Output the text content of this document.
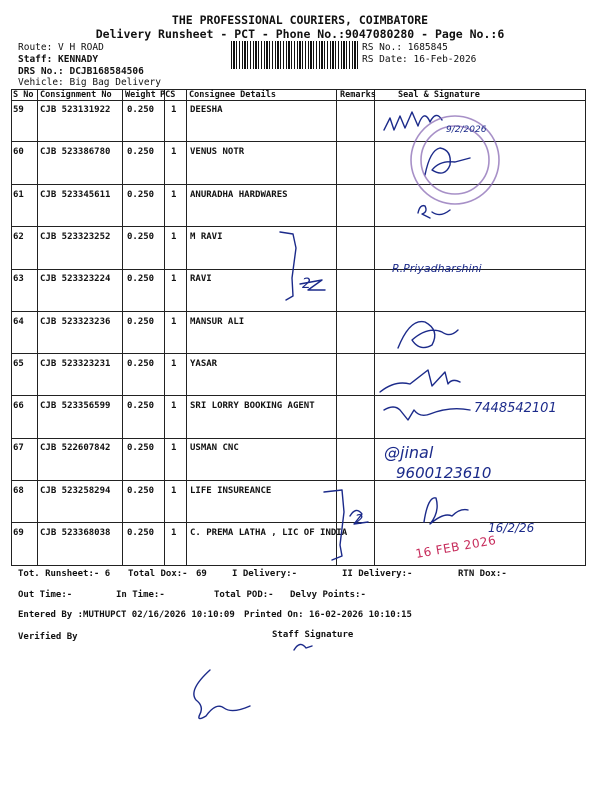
THE PROFESSIONAL COURIERS, COIMBATORE
Delivery Runsheet - PCT - Phone No.:9047080280 - Page No.:6
Route: V H ROAD
Staff: KENNADY
DRS No.: DCJB168584506
Vehicle: Big Bag Delivery
RS No.: 1685845
RS Date: 16-Feb-2026
S No Consignment No Weight PCS Consignee Details	Remarks	Seal & Signature
59 CJB 523131922 0.250 1 DEESHA
60 CJB 523386780 0.250 1 VENUS NOTR
61 CJB 523345611 0.250 1 ANURADHA HARDWARES
62 CJB 523323252 0.250 1 M RAVI
63 CJB 523323224 0.250 1 RAVI
64 CJB 523323236 0.250 1 MANSUR ALI
65 CJB 523323231 0.250 1 YASAR
66 CJB 523356599 0.250 1 SRI LORRY BOOKING AGENT
67 CJB 522607842 0.250 1 USMAN CNC
68 CJB 523258294 0.250 1 LIFE INSUREANCE
69 CJB 523368038 0.250 1 C. PREMA LATHA , LIC OF INDIA
2
2
R.Priyadharshini
7448542101
@jinal
9600123610
9/2/2026
16/2/26
16 FEB 2026
Tot. Runsheet:- 6 Total Dox:- 69	I Delivery:-	II Delivery:-	RTN Dox:-
Out Time:-	In Time:-	Total POD:- Delvy Points:-
Entered By :MUTHUPCT 02/16/2026 10:10:09 Printed On: 16-02-2026 10:10:15
Verified By	Staff Signature
